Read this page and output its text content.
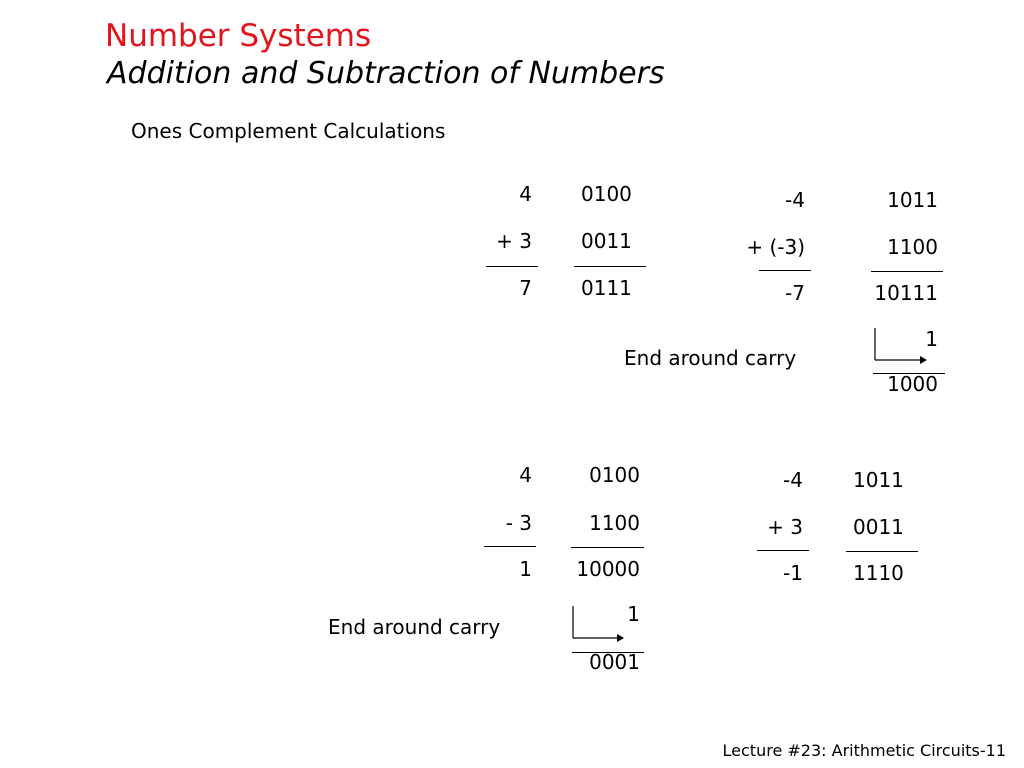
Number Systems
Addition and Subtraction of Numbers
Ones Complement Calculations
4
+ 3
7
0100
0011
0111
-4
+ (-3)
-7
1011
1100
10111
End around carry
1
1000
4
- 3
1
0100
1100
10000
End around carry
1
0001
-4
+ 3
-1
1011
0011
1110
Lecture #23: Arithmetic Circuits-11
